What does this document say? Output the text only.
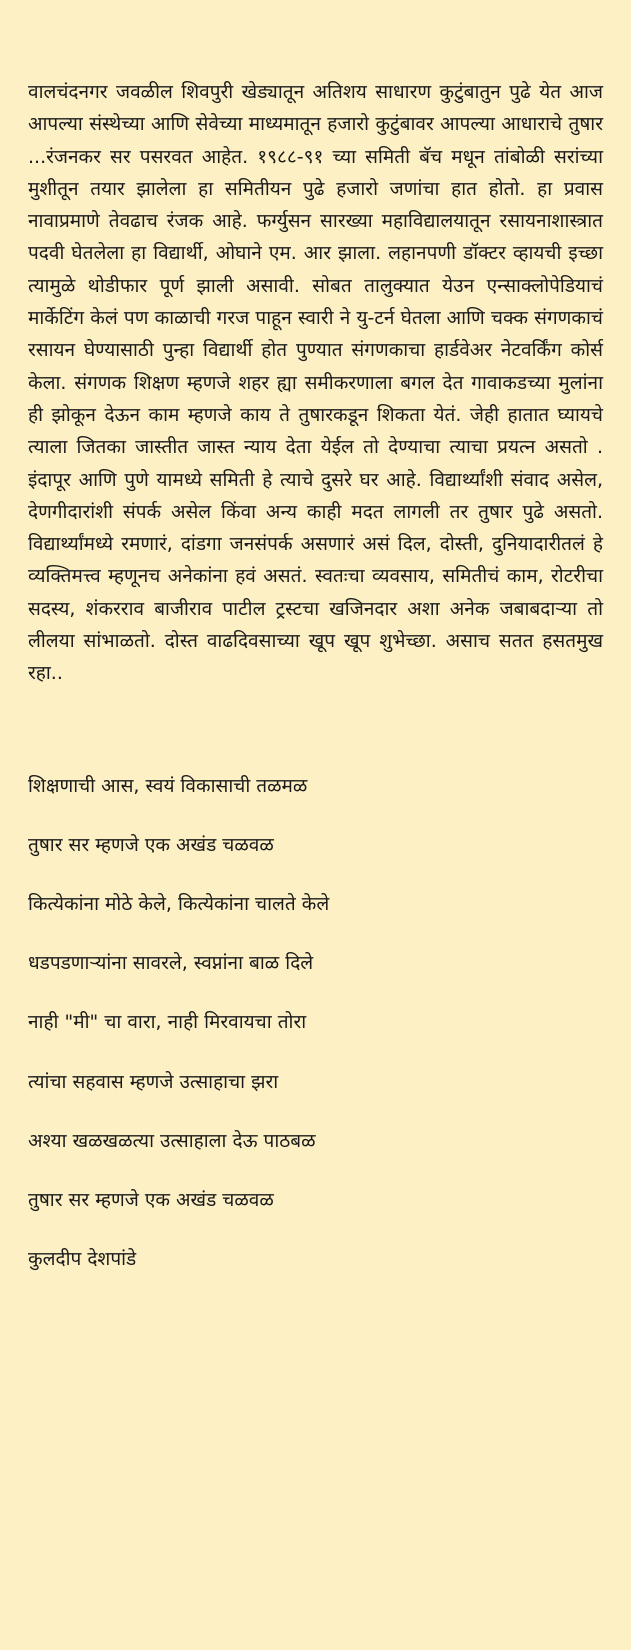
वालचंदनगर जवळील शिवपुरी खेड्यातून अतिशय साधारण कुटुंबातुन पुढे येत आज आपल्या संस्थेच्या आणि सेवेच्या माध्यमातून हजारो कुटुंबावर आपल्या आधाराचे तुषार ...रंजनकर सर पसरवत आहेत. १९८८-९१ च्या समिती बॅच मधून तांबोळी सरांच्या मुशीतून तयार झालेला हा समितीयन पुढे हजारो जणांचा हात होतो. हा प्रवास नावाप्रमाणे तेवढाच रंजक आहे. फर्ग्युसन सारख्या महाविद्यालयातून रसायनाशास्त्रात पदवी घेतलेला हा विद्यार्थी, ओघाने एम. आर झाला. लहानपणी डॉक्टर व्हायची इच्छा त्यामुळे थोडीफार पूर्ण झाली असावी. सोबत तालुक्यात येउन एन्साक्लोपेडियाचं मार्केटिंग केलं पण काळाची गरज पाहून स्वारी ने यु-टर्न घेतला आणि चक्क संगणकाचं रसायन घेण्यासाठी पुन्हा विद्यार्थी होत पुण्यात संगणकाचा हार्डवेअर नेटवर्किंग कोर्स केला. संगणक शिक्षण म्हणजे शहर ह्या समीकरणाला बगल देत गावाकडच्या मुलांना ही झोकून देऊन काम म्हणजे काय ते तुषारकडून शिकता येतं. जेही हातात घ्यायचे त्याला जितका जास्तीत जास्त न्याय देता येईल तो देण्याचा त्याचा प्रयत्न असतो . इंदापूर आणि पुणे यामध्ये समिती हे त्याचे दुसरे घर आहे. विद्यार्थ्यांशी संवाद असेल, देणगीदारांशी संपर्क असेल किंवा अन्य काही मदत लागली तर तुषार पुढे असतो. विद्यार्थ्यांमध्ये रमणारं, दांडगा जनसंपर्क असणारं असं दिल, दोस्ती, दुनियादारीतलं हे व्यक्तिमत्त्व म्हणूनच अनेकांना हवं असतं. स्वतःचा व्यवसाय, समितीचं काम, रोटरीचा सदस्य, शंकरराव बाजीराव पाटील ट्रस्टचा खजिनदार अशा अनेक जबाबदाऱ्या तो लीलया सांभाळतो. दोस्त वाढदिवसाच्या खूप खूप शुभेच्छा. असाच सतत हसतमुख रहा..

शिक्षणाची आस, स्वयं विकासाची तळमळ
तुषार सर म्हणजे एक अखंड चळवळ
कित्येकांना मोठे केले, कित्येकांना चालते केले
धडपडणाऱ्यांना सावरले, स्वप्नांना बाळ दिले
नाही "मी" चा वारा, नाही मिरवायचा तोरा
त्यांचा सहवास म्हणजे उत्साहाचा झरा
अश्या खळखळत्या उत्साहाला देऊ पाठबळ
तुषार सर म्हणजे एक अखंड चळवळ
कुलदीप देशपांडे
